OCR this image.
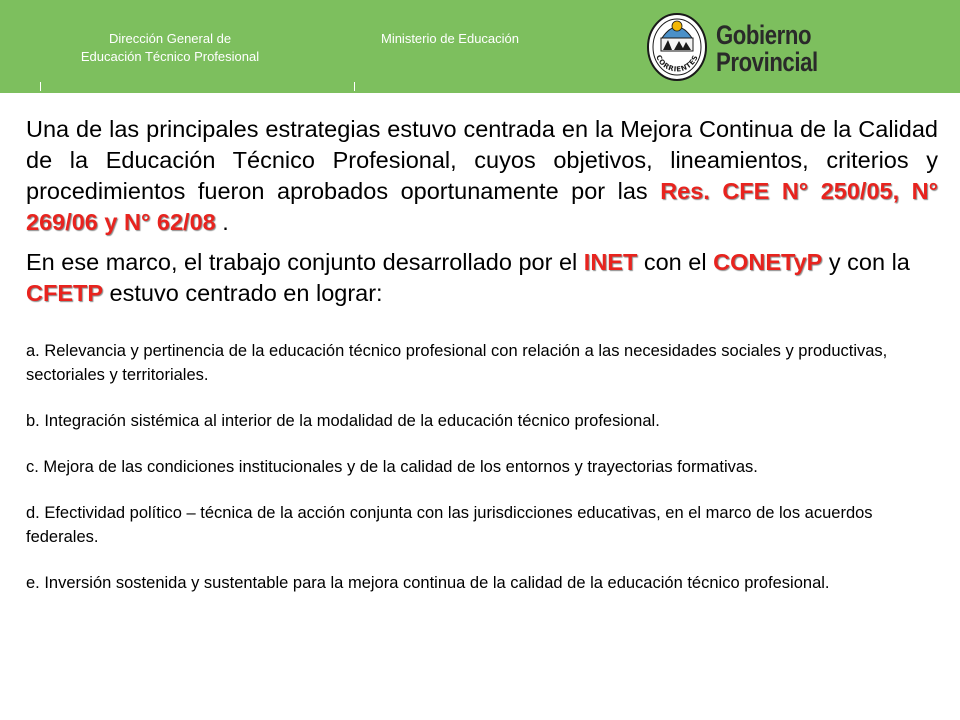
Dirección General de
Educación Técnico Profesional
Ministerio de Educación
CORRIENTES
Gobierno
Provincial

Una de las principales estrategias estuvo centrada en la Mejora Continua de la Calidad de la Educación Técnico Profesional, cuyos objetivos, lineamientos, criterios y procedimientos fueron aprobados oportunamente por las Res. CFE N° 250/05, N° 269/06 y N° 62/08 .

En ese marco, el trabajo conjunto desarrollado por el INET con el CONETyP y con la CFETP estuvo centrado en lograr:

a. Relevancia y pertinencia de la educación técnico profesional con relación a las necesidades sociales y productivas, sectoriales y territoriales.

b. Integración sistémica al interior de la modalidad de la educación técnico profesional.

c. Mejora de las condiciones institucionales y de la calidad de los entornos y trayectorias formativas.

d. Efectividad político – técnica de la acción conjunta con las jurisdicciones educativas, en el marco de los acuerdos federales.

e. Inversión sostenida y sustentable para la mejora continua de la calidad de la educación técnico profesional.
